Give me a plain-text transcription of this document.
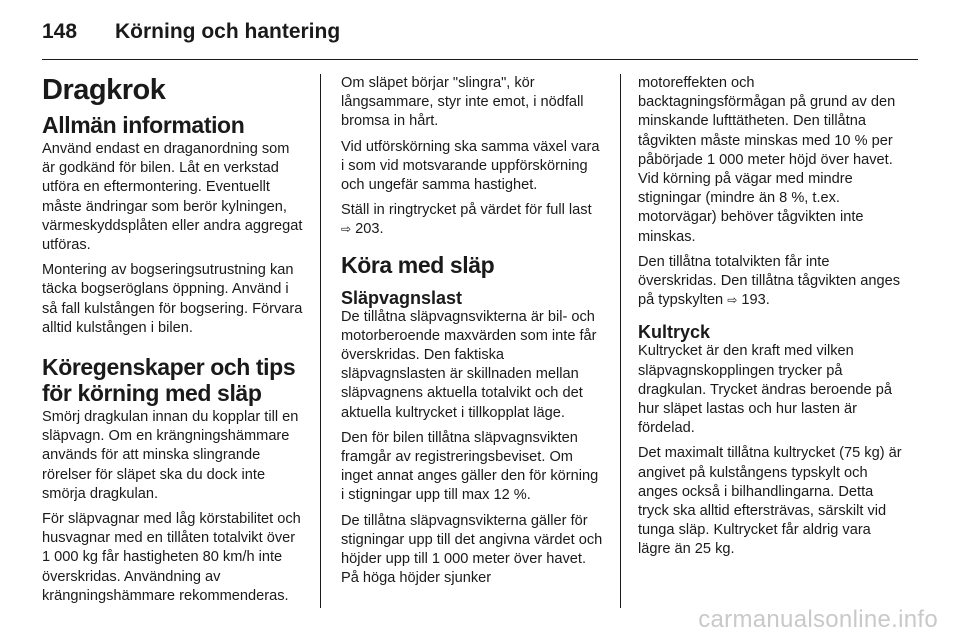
148	Körning och hantering
Dragkrok
Allmän information

Använd endast en draganordning som är godkänd för bilen. Låt en verkstad utföra en eftermontering. Eventuellt måste ändringar som berör kylningen, värmeskyddsplåten eller andra aggregat utföras.

Montering av bogseringsutrustning kan täcka bogseröglans öppning. Använd i så fall kulstången för bogsering. Förvara alltid kulstången i bilen.

Köregenskaper och tips för körning med släp

Smörj dragkulan innan du kopplar till en släpvagn. Om en krängningshämmare används för att minska slingrande rörelser för släpet ska du dock inte smörja dragkulan.

För släpvagnar med låg körstabilitet och husvagnar med en tillåten totalvikt över 1 000 kg får hastigheten 80 km/h inte överskridas. Användning av krängningshämmare rekommenderas.

Om släpet börjar "slingra", kör långsammare, styr inte emot, i nödfall bromsa in hårt.

Vid utförskörning ska samma växel vara i som vid motsvarande uppförskörning och ungefär samma hastighet.

Ställ in ringtrycket på värdet för full last ⇨ 203.

Köra med släp
Släpvagnslast

De tillåtna släpvagnsvikterna är bil- och motorberoende maxvärden som inte får överskridas. Den faktiska släpvagnslasten är skillnaden mellan släpvagnens aktuella totalvikt och det aktuella kultrycket i tillkopplat läge.

Den för bilen tillåtna släpvagnsvikten framgår av registreringsbeviset. Om inget annat anges gäller den för körning i stigningar upp till max 12 %.

De tillåtna släpvagnsvikterna gäller för stigningar upp till det angivna värdet och höjder upp till 1 000 meter över havet. På höga höjder sjunker

motoreffekten och backtagningsförmågan på grund av den minskande lufttätheten. Den tillåtna tågvikten måste minskas med 10 % per påbörjade 1 000 meter höjd över havet. Vid körning på vägar med mindre stigningar (mindre än 8 %, t.ex. motorvägar) behöver tågvikten inte minskas.

Den tillåtna totalvikten får inte överskridas. Den tillåtna tågvikten anges på typskylten ⇨ 193.

Kultryck

Kultrycket är den kraft med vilken släpvagnskopplingen trycker på dragkulan. Trycket ändras beroende på hur släpet lastas och hur lasten är fördelad.

Det maximalt tillåtna kultrycket (75 kg) är angivet på kulstångens typskylt och anges också i bilhandlingarna. Detta tryck ska alltid eftersträvas, särskilt vid tunga släp. Kultrycket får aldrig vara lägre än 25 kg.

carmanualsonline.info
